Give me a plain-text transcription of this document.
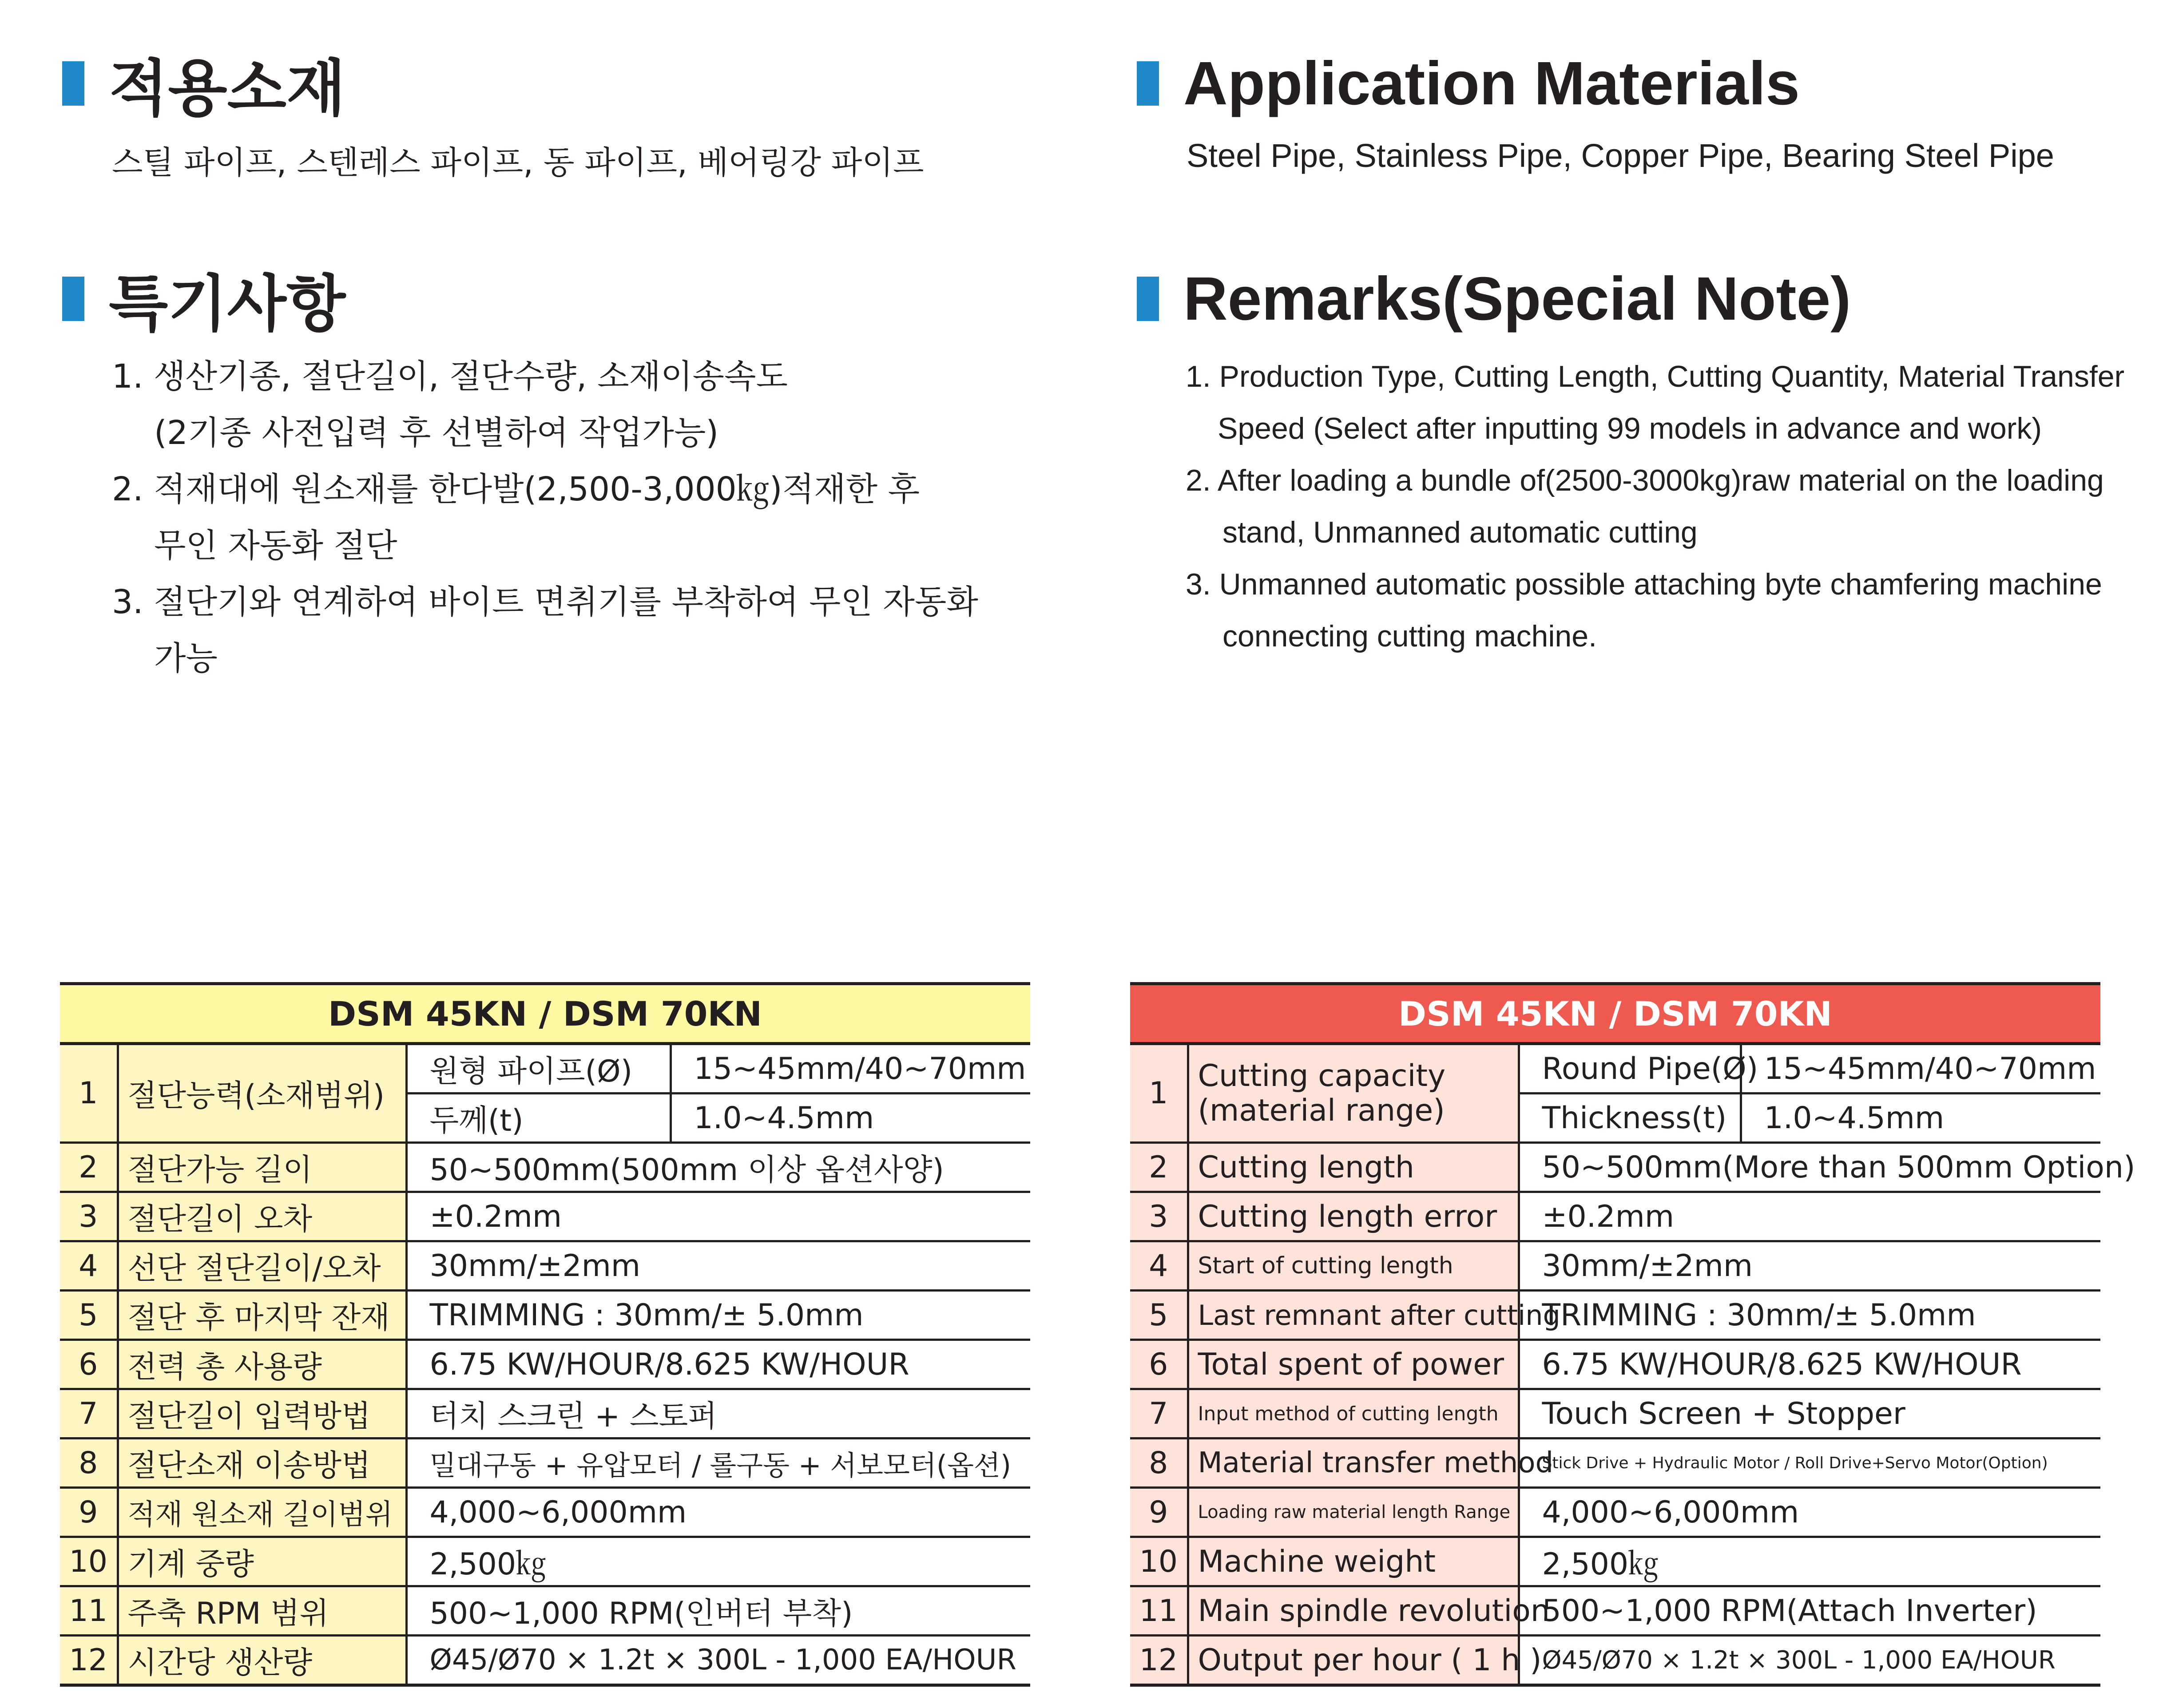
적용소재
스틸 파이프, 스텐레스 파이프, 동 파이프, 베어링강 파이프
특기사항
1. 생산기종, 절단길이, 절단수량, 소재이송속도
(2기종 사전입력 후 선별하여 작업가능)
2. 적재대에 원소재를 한다발(2,500-3,000㎏)적재한 후
무인 자동화 절단
3. 절단기와 연계하여 바이트 면취기를 부착하여 무인 자동화
가능
Application Materials
Steel Pipe, Stainless Pipe, Copper Pipe, Bearing Steel Pipe
Remarks(Special Note)
1. Production Type, Cutting Length, Cutting Quantity, Material Transfer
Speed (Select after inputting 99 models in advance and work)
2. After loading a bundle of(2500-3000kg)raw material on the loading
stand, Unmanned automatic cutting
3. Unmanned automatic possible attaching byte chamfering machine
connecting cutting machine.
DSM 45KN / DSM 70KN			
1	절단능력(소재범위)	원형 파이프(Ø)	15~45mm/40~70mm
		두께(t)	1.0~4.5mm
2	절단가능 길이	50~500mm(500mm 이상 옵션사양)	
3	절단길이 오차	±0.2mm	
4	선단 절단길이/오차	30mm/±2mm	
5	절단 후 마지막 잔재	TRIMMING : 30mm/± 5.0mm	
6	전력 총 사용량	6.75 KW/HOUR/8.625 KW/HOUR	
7	절단길이 입력방법	터치 스크린 + 스토퍼	
8	절단소재 이송방법	밀대구동 + 유압모터 / 롤구동 + 서보모터(옵션)	
9	적재 원소재 길이범위	4,000~6,000mm	
10	기계 중량	2,500㎏	
11	주축 RPM 범위	500~1,000 RPM(인버터 부착)	
12	시간당 생산량	Ø45/Ø70 × 1.2t × 300L - 1,000 EA/HOUR	
DSM 45KN / DSM 70KN			
1	Cutting capacity
(material range)	Round Pipe(Ø)	15~45mm/40~70mm
		Thickness(t)	1.0~4.5mm
2	Cutting length	50~500mm(More than 500mm Option)	
3	Cutting length error	±0.2mm	
4	Start of cutting length	30mm/±2mm	
5	Last remnant after cutting	TRIMMING : 30mm/± 5.0mm	
6	Total spent of power	6.75 KW/HOUR/8.625 KW/HOUR	
7	Input method of cutting length	Touch Screen + Stopper	
8	Material transfer method	Stick Drive + Hydraulic Motor / Roll Drive+Servo Motor(Option)	
9	Loading raw material length Range	4,000~6,000mm	
10	Machine weight	2,500㎏	
11	Main spindle revolution	500~1,000 RPM(Attach Inverter)	
12	Output per hour ( 1 h )	Ø45/Ø70 × 1.2t × 300L - 1,000 EA/HOUR	
